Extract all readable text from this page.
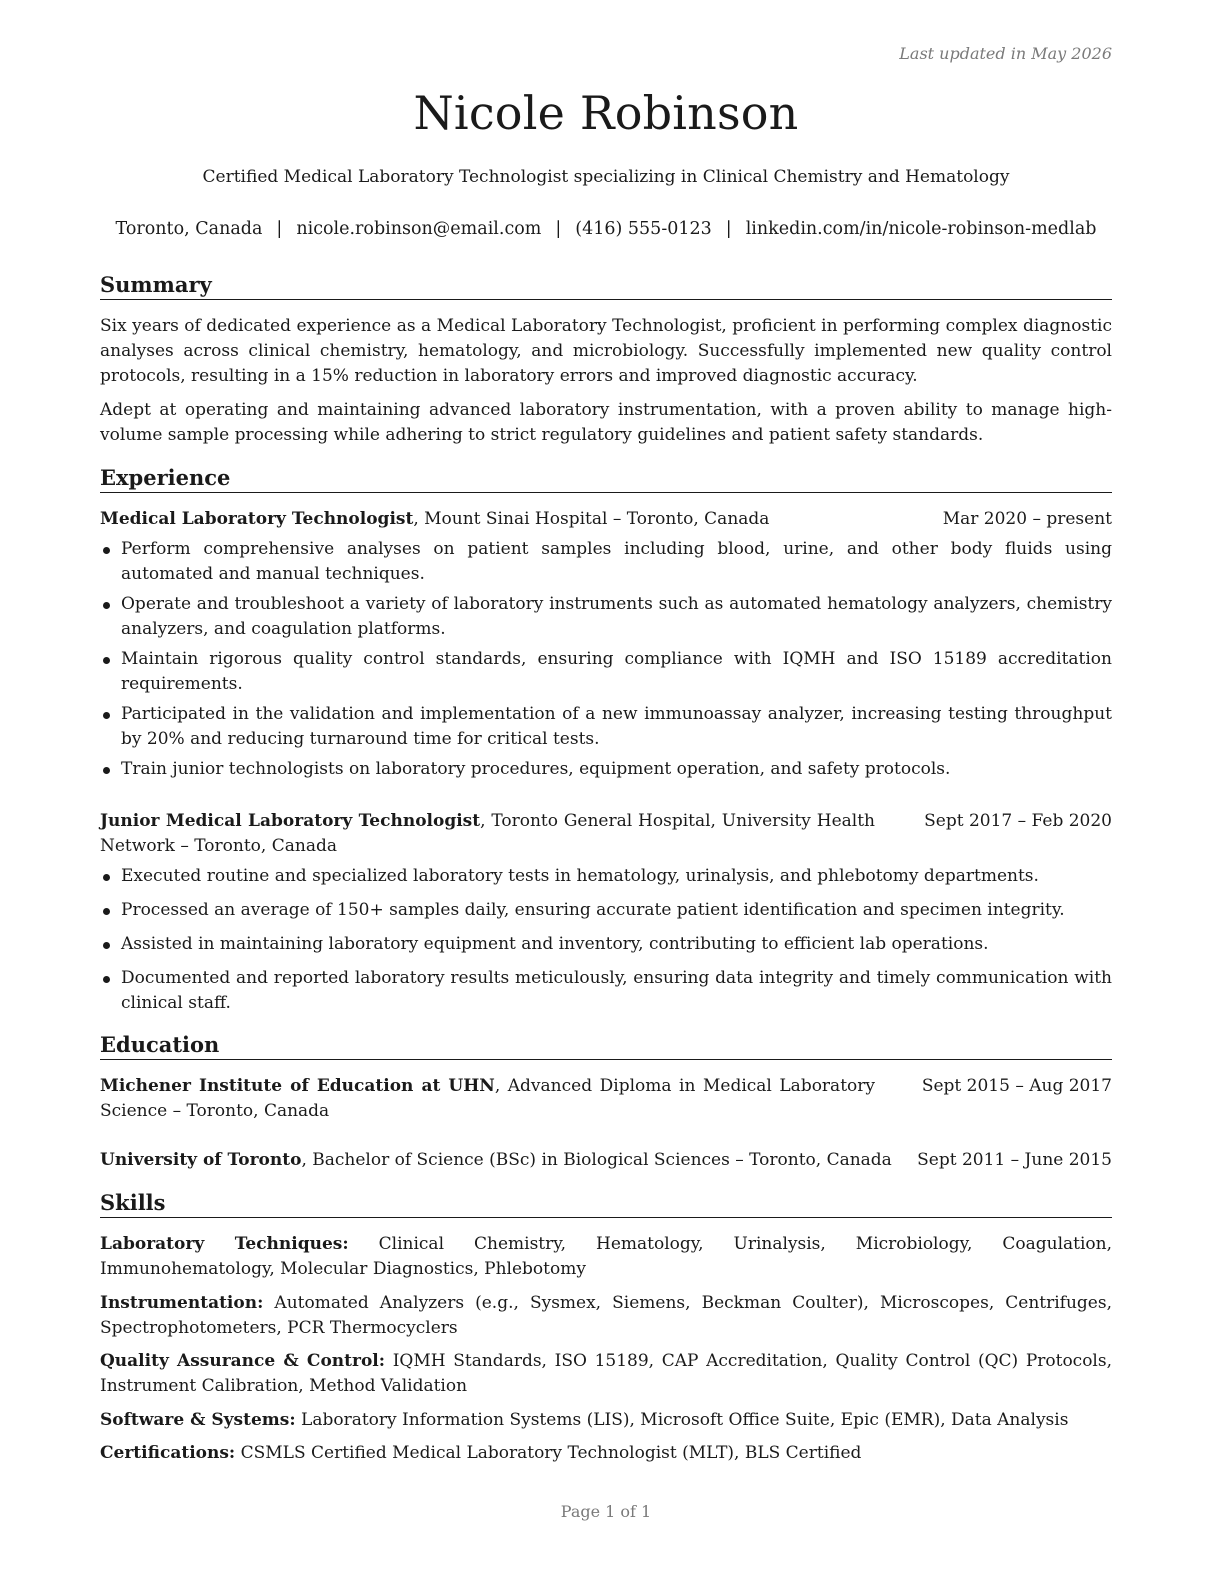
Last updated in May 2026
Nicole Robinson
Certified Medical Laboratory Technologist specializing in Clinical Chemistry and Hematology
Toronto, Canada | nicole.robinson@email.com | (416) 555-0123 | linkedin.com/in/nicole-robinson-medlab
Summary

Six years of dedicated experience as a Medical Laboratory Technologist, proficient in performing complex diagnostic analyses across clinical chemistry, hematology, and microbiology. Successfully implemented new quality control protocols, resulting in a 15% reduction in laboratory errors and improved diagnostic accuracy.

Adept at operating and maintaining advanced laboratory instrumentation, with a proven ability to manage high-volume sample processing while adhering to strict regulatory guidelines and patient safety standards.

Experience
Medical Laboratory Technologist, Mount Sinai Hospital – Toronto, Canada	Mar 2020 – present
Perform comprehensive analyses on patient samples including blood, urine, and other body fluids using automated and manual techniques.
Operate and troubleshoot a variety of laboratory instruments such as automated hematology analyzers, chemistry analyzers, and coagulation platforms.
Maintain rigorous quality control standards, ensuring compliance with IQMH and ISO 15189 accreditation requirements.
Participated in the validation and implementation of a new immunoassay analyzer, increasing testing throughput by 20% and reducing turnaround time for critical tests.
Train junior technologists on laboratory procedures, equipment operation, and safety protocols.
Junior Medical Laboratory Technologist, Toronto General Hospital, University Health Network – Toronto, Canada
Sept 2017 – Feb 2020
Executed routine and specialized laboratory tests in hematology, urinalysis, and phlebotomy departments.
Processed an average of 150+ samples daily, ensuring accurate patient identification and specimen integrity.
Assisted in maintaining laboratory equipment and inventory, contributing to efficient lab operations.
Documented and reported laboratory results meticulously, ensuring data integrity and timely communication with clinical staff.
Education
Michener Institute of Education at UHN, Advanced Diploma in Medical Laboratory Science – Toronto, Canada
Sept 2015 – Aug 2017
University of Toronto, Bachelor of Science (BSc) in Biological Sciences – Toronto, Canada Sept 2011 – June 2015
Skills
Laboratory Techniques: Clinical Chemistry, Hematology, Urinalysis, Microbiology, Coagulation, Immunohematology, Molecular Diagnostics, Phlebotomy
Instrumentation: Automated Analyzers (e.g., Sysmex, Siemens, Beckman Coulter), Microscopes, Centrifuges, Spectrophotometers, PCR Thermocyclers
Quality Assurance & Control: IQMH Standards, ISO 15189, CAP Accreditation, Quality Control (QC) Protocols, Instrument Calibration, Method Validation
Software & Systems: Laboratory Information Systems (LIS), Microsoft Office Suite, Epic (EMR), Data Analysis
Certifications: CSMLS Certified Medical Laboratory Technologist (MLT), BLS Certified
Page 1 of 1
